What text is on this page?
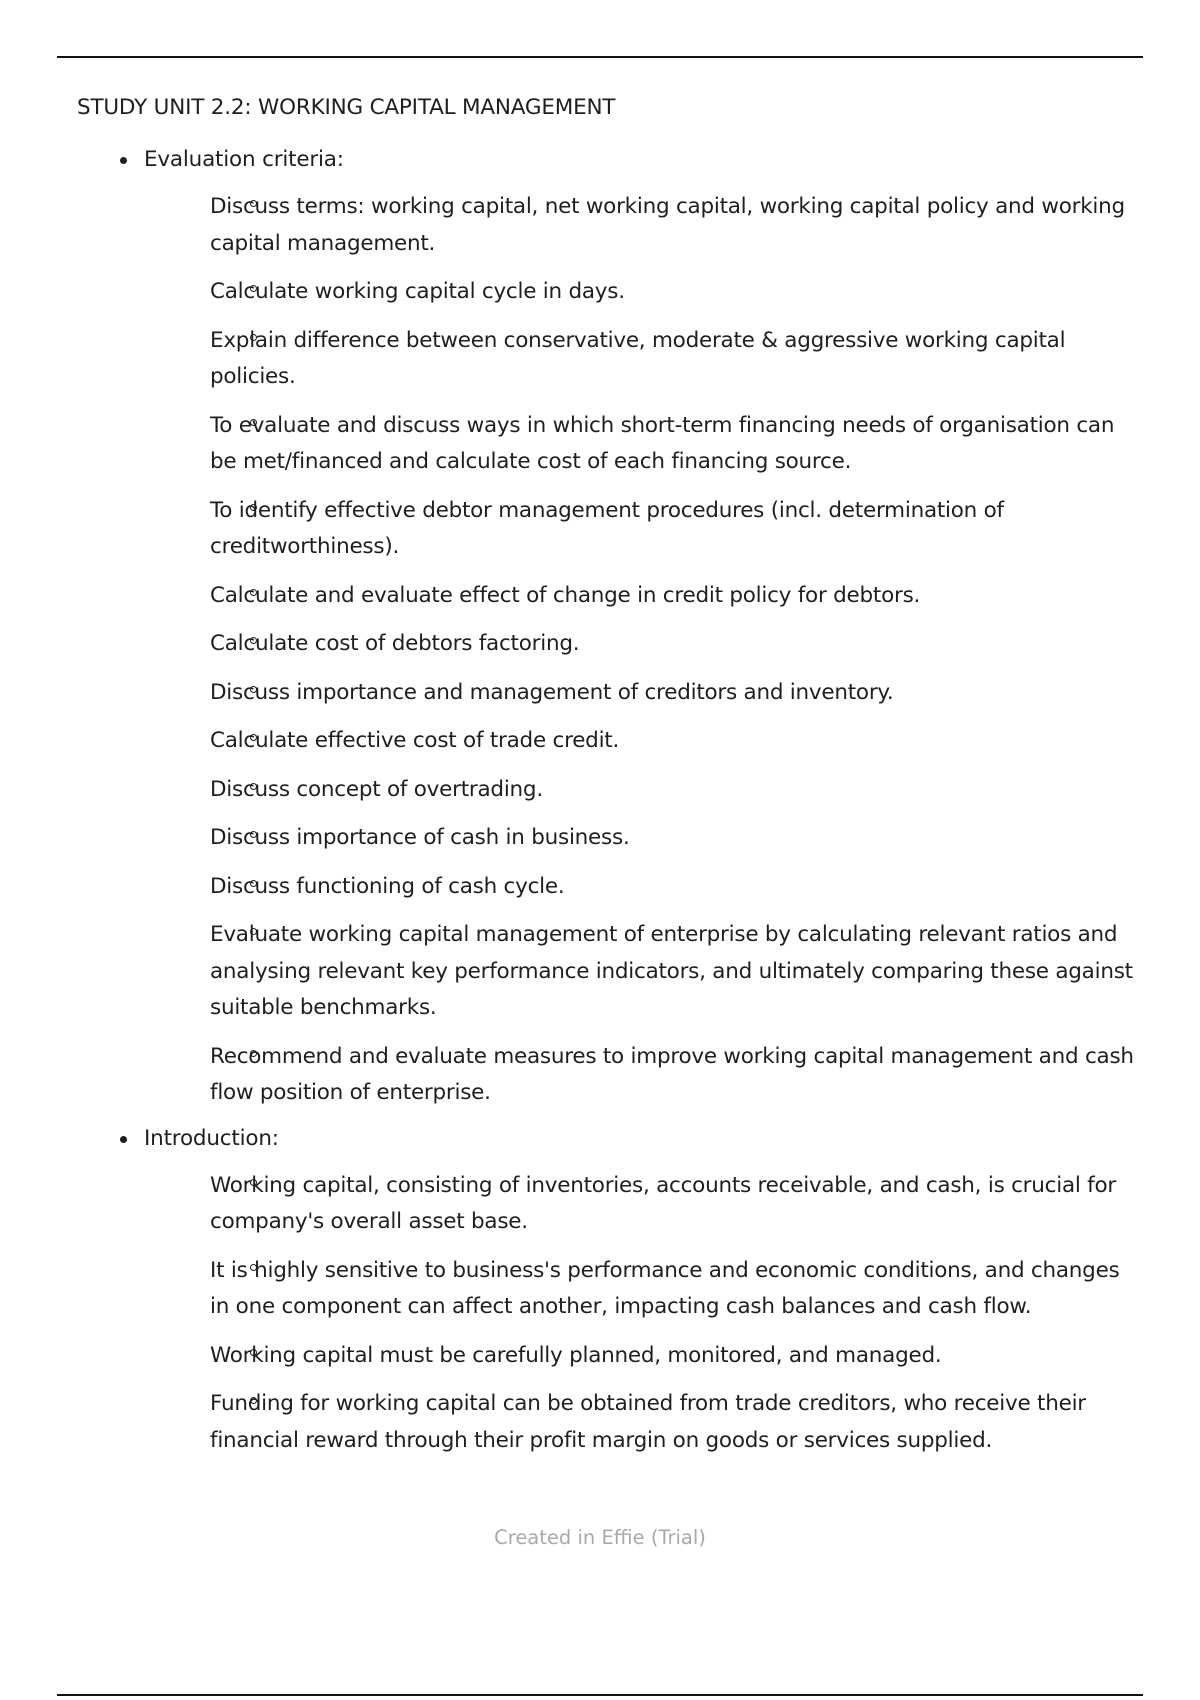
STUDY UNIT 2.2: WORKING CAPITAL MANAGEMENT
Evaluation criteria:
Discuss terms: working capital, net working capital, working capital policy and working capital management.
Calculate working capital cycle in days.
Explain difference between conservative, moderate & aggressive working capital policies.
To evaluate and discuss ways in which short-term financing needs of organisation can be met/financed and calculate cost of each financing source.
To identify effective debtor management procedures (incl. determination of creditworthiness).
Calculate and evaluate effect of change in credit policy for debtors.
Calculate cost of debtors factoring.
Discuss importance and management of creditors and inventory.
Calculate effective cost of trade credit.
Discuss concept of overtrading.
Discuss importance of cash in business.
Discuss functioning of cash cycle.
Evaluate working capital management of enterprise by calculating relevant ratios and analysing relevant key performance indicators, and ultimately comparing these against suitable benchmarks.
Recommend and evaluate measures to improve working capital management and cash flow position of enterprise.
Introduction:
Working capital, consisting of inventories, accounts receivable, and cash, is crucial for company's overall asset base.
It is highly sensitive to business's performance and economic conditions, and changes in one component can affect another, impacting cash balances and cash flow.
Working capital must be carefully planned, monitored, and managed.
Funding for working capital can be obtained from trade creditors, who receive their financial reward through their profit margin on goods or services supplied.
Created in Effie (Trial)
